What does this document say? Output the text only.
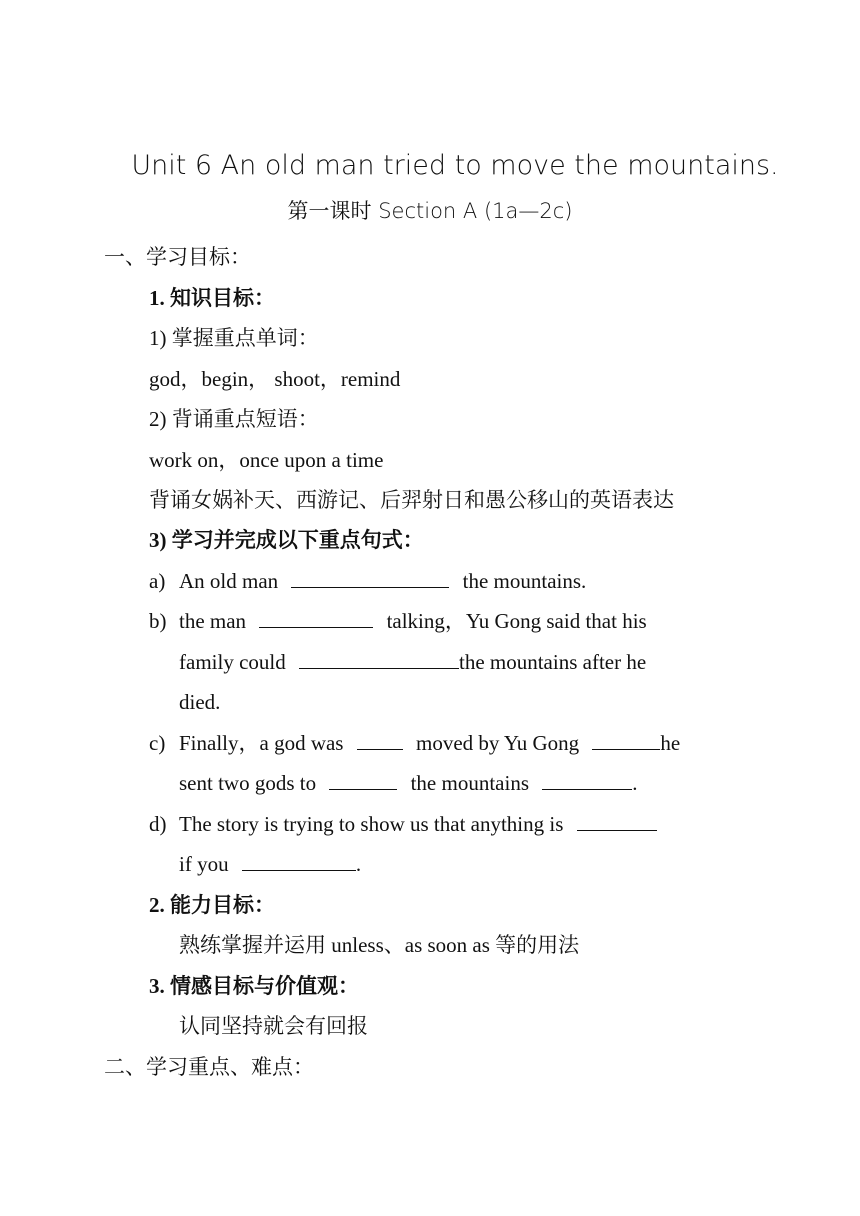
Unit 6 An old man tried to move the mountains.
第一课时 Section A (1a—2c)
一、学习目标：
1. 知识目标：
1) 掌握重点单词：
god，begin， shoot，remind
2) 背诵重点短语：
work on，once upon a time
背诵女娲补天、西游记、后羿射日和愚公移山的英语表达
3) 学习并完成以下重点句式：
a) An old man	the mountains.
b) the man	talking，Yu Gong said that his
family could	the mountains after he
died.
c) Finally，a god was	moved by Yu Gong	he
sent two gods to	the mountains	.
d) The story is trying to show us that anything is
if you	.
2. 能力目标：
熟练掌握并运用 unless、as soon as 等的用法
3. 情感目标与价值观：
认同坚持就会有回报
二、学习重点、难点：
